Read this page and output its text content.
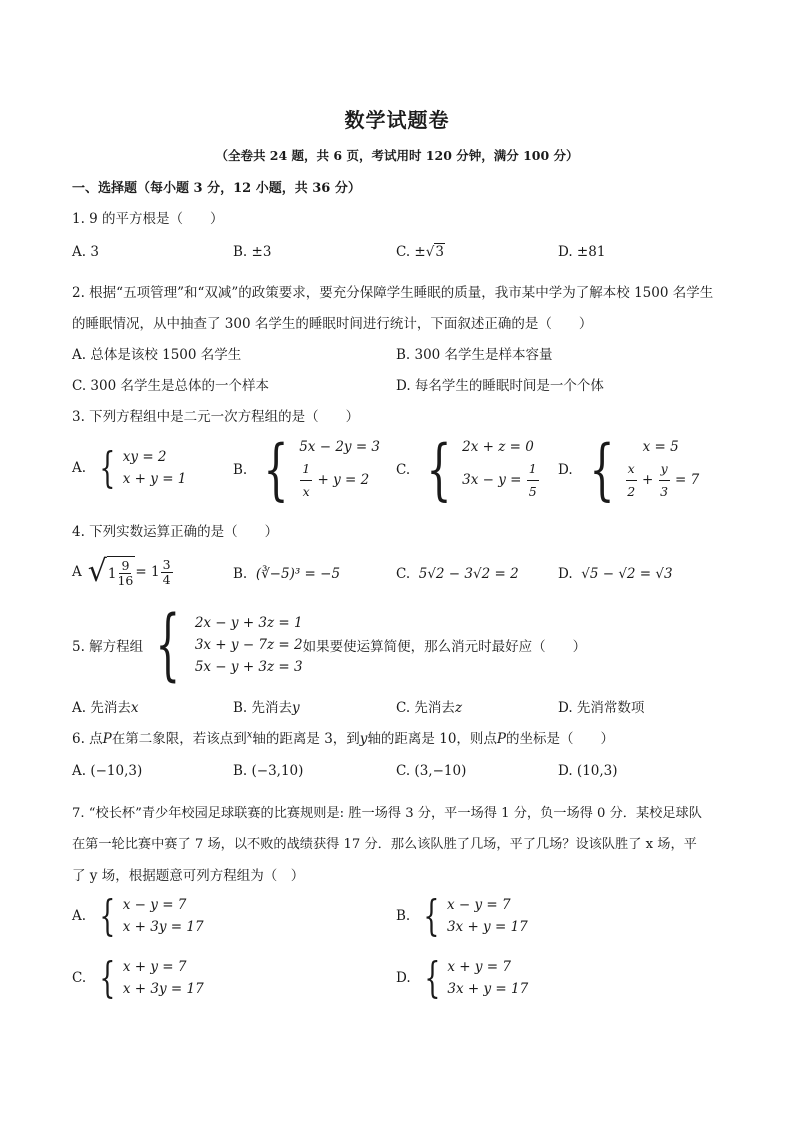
数学试题卷
（全卷共 24 题，共 6 页，考试用时 120 分钟，满分 100 分）
一、选择题（每小题 3 分，12 小题，共 36 分）
1. 9 的平方根是（　　）
A. 3	B. ±3	C. ±√3	D. ±81
2. 根据“五项管理”和“双减”的政策要求，要充分保障学生睡眠的质量，我市某中学为了解本校 1500 名学生
的睡眠情况，从中抽查了 300 名学生的睡眠时间进行统计，下面叙述正确的是（　　）
A. 总体是该校 1500 名学生	B. 300 名学生是样本容量
C. 300 名学生是总体的一个样本	D. 每名学生的睡眠时间是一个个体
3. 下列方程组中是二元一次方程组的是（　　）
A. { xy = 2
x + y = 1
B. { 5x − 2y = 3
$\frac{1}{x} + y = 2$
C. { 2x + z = 0
$3x - y = \frac{1}{5} D$. {	x = 5
$\frac{x}{2} + \frac{y}{3} = 7$
4. 下列实数运算正确的是（　　）
A √ $1 \frac{9}{16} = 1 \frac{3}{4}$	B. (∛−5)³ = −5	C. 5√2 − 3√2 = 2	D. √5 − √2 = √3
5. 解方程组 { 2x − y + 3z = 1
3x + y − 7z = 2
5x − y + 3z = 3
如果要使运算简便，那么消元时最好应（　　）
A. 先消去x	B. 先消去y	C. 先消去z	D. 先消常数项
6. 点P在第二象限，若该点到$^x$轴的距离是 3，到y轴的距离是 10，则点P的坐标是（　　）
A. (−10,3)	B. (−3,10)	C. (3,−10)	D. (10,3)
7. “校长杯”青少年校园足球联赛的比赛规则是: 胜一场得 3 分，平一场得 1 分，负一场得 0 分．某校足球队
在第一轮比赛中赛了 7 场，以不败的战绩获得 17 分．那么该队胜了几场，平了几场？设该队胜了 x 场，平
了 y 场，根据题意可列方程组为（　）
A. { x − y = 7
x + 3y = 17
B. { x − y = 7
3x + y = 17
C. { x + y = 7
x + 3y = 17
D. { x + y = 7
3x + y = 17
